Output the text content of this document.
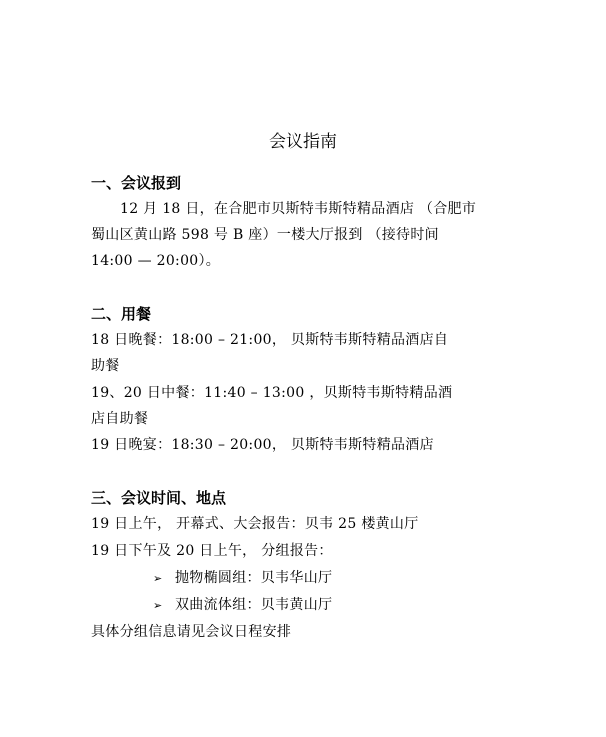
会议指南
一、会议报到
12 月 18 日，在合肥市贝斯特韦斯特精品酒店 （合肥市
蜀山区黄山路 598 号 B 座）一楼大厅报到 （接待时间
14:00 — 20:00）。
二、用餐
18 日晚餐：18:00 – 21:00， 贝斯特韦斯特精品酒店自
助餐
19、20 日中餐：11:40 – 13:00 ，贝斯特韦斯特精品酒
店自助餐
19 日晚宴：18:30 – 20:00， 贝斯特韦斯特精品酒店
三、会议时间、地点
19 日上午， 开幕式、大会报告：贝韦 25 楼黄山厅
19 日下午及 20 日上午， 分组报告：
➢ 抛物椭圆组：贝韦华山厅
➢ 双曲流体组：贝韦黄山厅
具体分组信息请见会议日程安排
